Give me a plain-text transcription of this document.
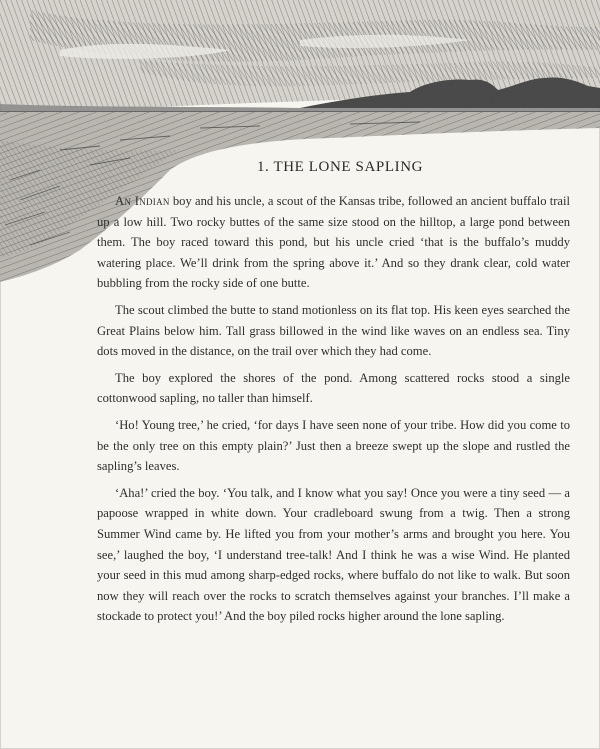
1. THE LONE SAPLING

An Indian boy and his uncle, a scout of the Kansas tribe, followed an ancient buffalo trail up a low hill. Two rocky buttes of the same size stood on the hilltop, a large pond between them. The boy raced toward this pond, but his uncle cried ‘that is the buffalo’s muddy watering place. We’ll drink from the spring above it.’ And so they drank clear, cold water bubbling from the rocky side of one butte.

The scout climbed the butte to stand motionless on its flat top. His keen eyes searched the Great Plains below him. Tall grass billowed in the wind like waves on an endless sea. Tiny dots moved in the distance, on the trail over which they had come.

The boy explored the shores of the pond. Among scattered rocks stood a single cottonwood sapling, no taller than himself.

‘Ho! Young tree,’ he cried, ‘for days I have seen none of your tribe. How did you come to be the only tree on this empty plain?’ Just then a breeze swept up the slope and rustled the sapling’s leaves.

‘Aha!’ cried the boy. ‘You talk, and I know what you say! Once you were a tiny seed — a papoose wrapped in white down. Your cradleboard swung from a twig. Then a strong Summer Wind came by. He lifted you from your mother’s arms and brought you here. You see,’ laughed the boy, ‘I understand tree-talk! And I think he was a wise Wind. He planted your seed in this mud among sharp-edged rocks, where buffalo do not like to walk. But soon now they will reach over the rocks to scratch themselves against your branches. I’ll make a stockade to protect you!’ And the boy piled rocks higher around the lone sapling.
